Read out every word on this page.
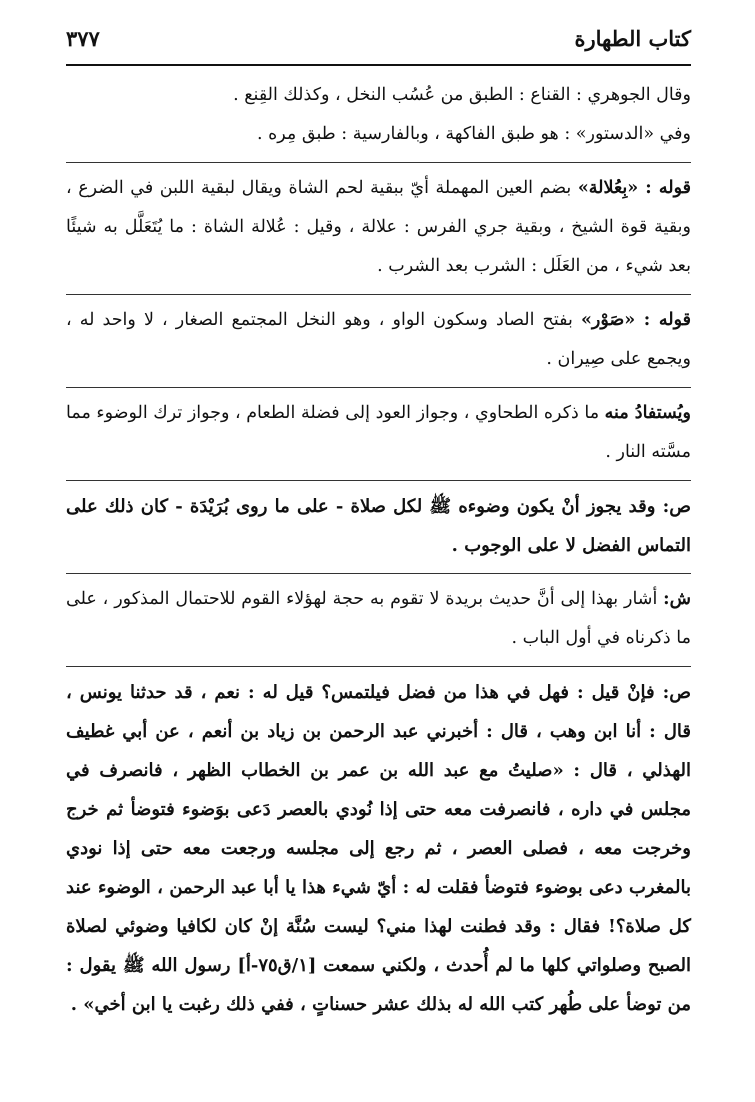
كتاب الطهارة
٣٧٧

وقال الجوهري : القناع : الطبق من عُسُب النخل ، وكذلك القِنع .

وفي «الدستور» : هو طبق الفاكهة ، وبالفارسية : طبق مِره .

قوله : «بِعُلالة» بضم العين المهملة أيّ ببقية لحم الشاة ويقال لبقية اللبن في الضرع ، وبقية قوة الشيخ ، وبقية جري الفرس : علالة ، وقيل : عُلالة الشاة : ما يُتَعَلَّل به شيئًا بعد شيء ، من العَلَل : الشرب بعد الشرب .

قوله : «صَوْر» بفتح الصاد وسكون الواو ، وهو النخل المجتمع الصغار ، لا واحد له ، ويجمع على صِيران .

ويُستفادُ منه ما ذكره الطحاوي ، وجواز العود إلى فضلة الطعام ، وجواز ترك الوضوء مما مسَّته النار .

ص: وقد يجوز أنْ يكون وضوءه ﷺ لكل صلاة - على ما روى بُرَيْدَة - كان ذلك على التماس الفضل لا على الوجوب .

ش: أشار بهذا إلى أنَّ حديث بريدة لا تقوم به حجة لهؤلاء القوم للاحتمال المذكور ، على ما ذكرناه في أول الباب .

ص: فإنْ قيل : فهل في هذا من فضل فيلتمس؟ قيل له : نعم ، قد حدثنا يونس ، قال : أنا ابن وهب ، قال : أخبرني عبد الرحمن بن زياد بن أنعم ، عن أبي غطيف الهذلي ، قال : «صليتُ مع عبد الله بن عمر بن الخطاب الظهر ، فانصرف في مجلس في داره ، فانصرفت معه حتى إذا نُودي بالعصر دَعى بوَضوء فتوضأ ثم خرج وخرجت معه ، فصلى العصر ، ثم رجع إلى مجلسه ورجعت معه حتى إذا نودي بالمغرب دعى بوضوء فتوضأ فقلت له : أيّ شيء هذا يا أبا عبد الرحمن ، الوضوء عند كل صلاة؟! فقال : وقد فطنت لهذا مني؟ ليست سُنَّة إنْ كان لكافيا وضوئي لصلاة الصبح وصلواتي كلها ما لم أُحدث ، ولكني سمعت [١/ق٧٥-أ] رسول الله ﷺ يقول : من توضأ على طُهر كتب الله له بذلك عشر حسناتٍ ، ففي ذلك رغبت يا ابن أخي» .
